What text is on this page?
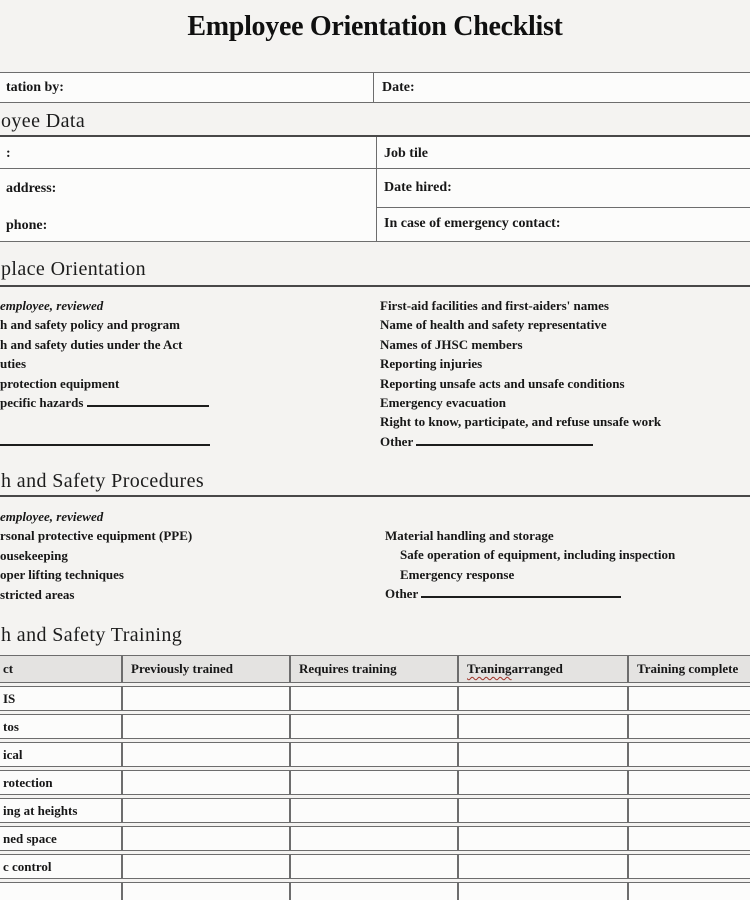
Employee Orientation Checklist
tation by:	Date:
oyee Data
:	Job tile
address:	Date hired:
phone:	In case of emergency contact:
place Orientation
employee, reviewed
h and safety policy and program
h and safety duties under the Act
uties
protection equipment
pecific hazards

First-aid facilities and first-aiders' names
Name of health and safety representative
Names of JHSC members
Reporting injuries
Reporting unsafe acts and unsafe conditions
Emergency evacuation
Right to know, participate, and refuse unsafe work
Other
h and Safety Procedures
employee, reviewed
rsonal protective equipment (PPE)
ousekeeping
oper lifting techniques
stricted areas
Material handling and storage
Safe operation of equipment, including inspection
Emergency response
Other
h and Safety Training
ct	Previously trained	Requires training	Traningarranged	Training complete
IS				
tos				
ical				
rotection				
ing at heights				
ned space				
c control				
